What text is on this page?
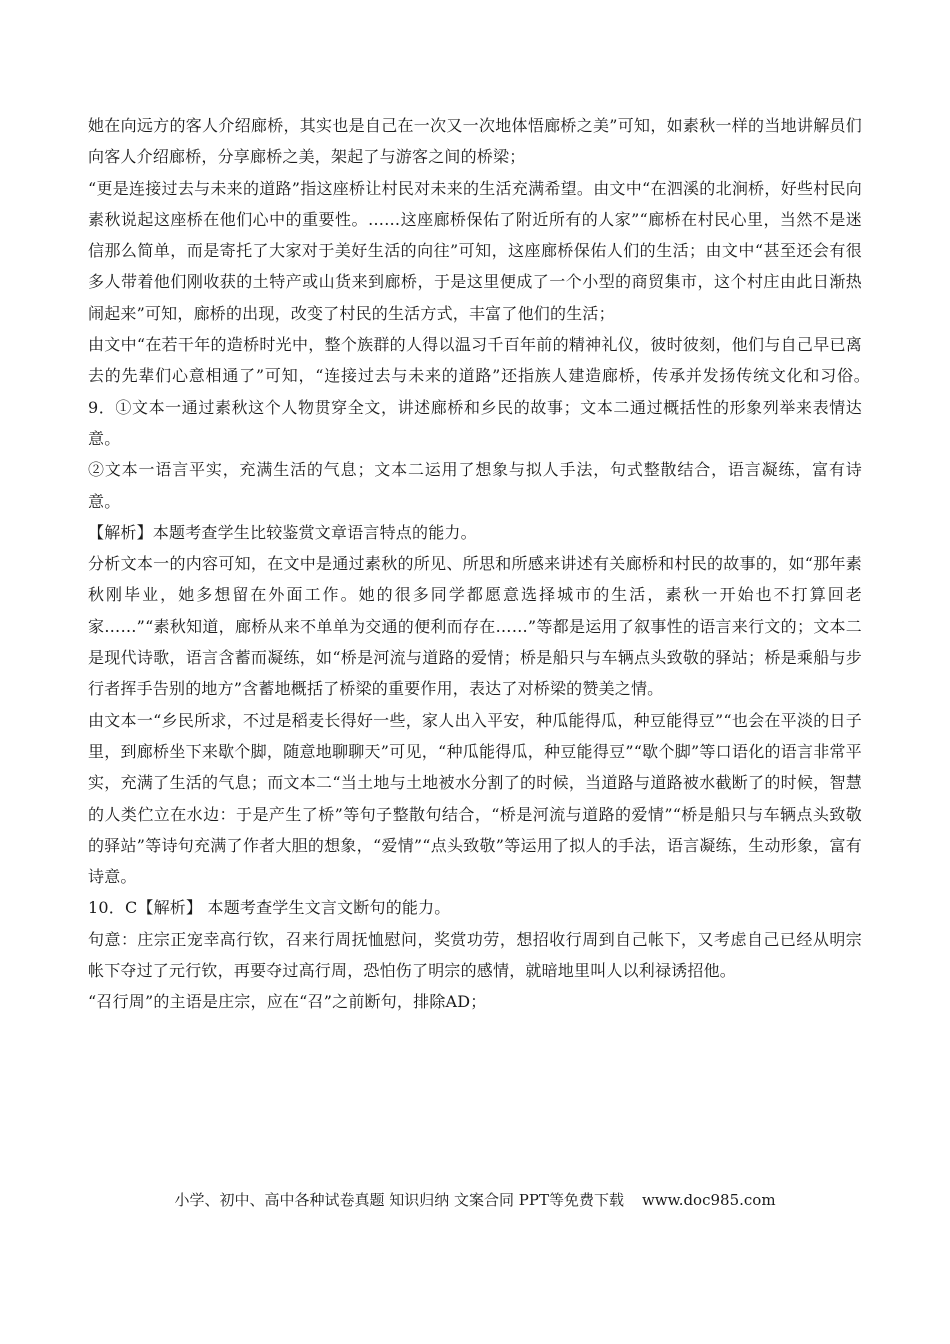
她在向远方的客人介绍廊桥，其实也是自己在一次又一次地体悟廊桥之美”可知，如素秋一样的当地讲解员们向客人介绍廊桥，分享廊桥之美，架起了与游客之间的桥梁；

“更是连接过去与未来的道路”指这座桥让村民对未来的生活充满希望。由文中“在泗溪的北涧桥，好些村民向素秋说起这座桥在他们心中的重要性。……这座廊桥保佑了附近所有的人家”“廊桥在村民心里，当然不是迷信那么简单，而是寄托了大家对于美好生活的向往”可知，这座廊桥保佑人们的生活；由文中“甚至还会有很多人带着他们刚收获的土特产或山货来到廊桥，于是这里便成了一个小型的商贸集市，这个村庄由此日渐热闹起来”可知，廊桥的出现，改变了村民的生活方式，丰富了他们的生活；

由文中“在若干年的造桥时光中，整个族群的人得以温习千百年前的精神礼仪，彼时彼刻，他们与自己早已离去的先辈们心意相通了”可知，“连接过去与未来的道路”还指族人建造廊桥，传承并发扬传统文化和习俗。　9．①文本一通过素秋这个人物贯穿全文，讲述廊桥和乡民的故事；文本二通过概括性的形象列举来表情达意。

②文本一语言平实，充满生活的气息；文本二运用了想象与拟人手法，句式整散结合，语言凝练，富有诗意。

【解析】本题考查学生比较鉴赏文章语言特点的能力。

分析文本一的内容可知，在文中是通过素秋的所见、所思和所感来讲述有关廊桥和村民的故事的，如“那年素秋刚毕业，她多想留在外面工作。她的很多同学都愿意选择城市的生活，素秋一开始也不打算回老家……”“素秋知道，廊桥从来不单单为交通的便利而存在……”等都是运用了叙事性的语言来行文的；文本二是现代诗歌，语言含蓄而凝练，如“桥是河流与道路的爱情；桥是船只与车辆点头致敬的驿站；桥是乘船与步行者挥手告别的地方”含蓄地概括了桥梁的重要作用，表达了对桥梁的赞美之情。

由文本一“乡民所求，不过是稻麦长得好一些，家人出入平安，种瓜能得瓜，种豆能得豆”“也会在平淡的日子里，到廊桥坐下来歇个脚，随意地聊聊天”可见，“种瓜能得瓜，种豆能得豆”“歇个脚”等口语化的语言非常平实，充满了生活的气息；而文本二“当土地与土地被水分割了的时候，当道路与道路被水截断了的时候，智慧的人类伫立在水边：于是产生了桥”等句子整散句结合，“桥是河流与道路的爱情”“桥是船只与车辆点头致敬的驿站”等诗句充满了作者大胆的想象，“爱情”“点头致敬”等运用了拟人的手法，语言凝练，生动形象，富有诗意。

10．C【解析】 本题考查学生文言文断句的能力。

句意：庄宗正宠幸高行钦，召来行周抚恤慰问，奖赏功劳，想招收行周到自己帐下，又考虑自己已经从明宗帐下夺过了元行钦，再要夺过高行周，恐怕伤了明宗的感情，就暗地里叫人以利禄诱招他。

“召行周”的主语是庄宗，应在“召”之前断句，排除AD；

小学、初中、高中各种试卷真题 知识归纳 文案合同 PPT等免费下载 www.doc985.com
